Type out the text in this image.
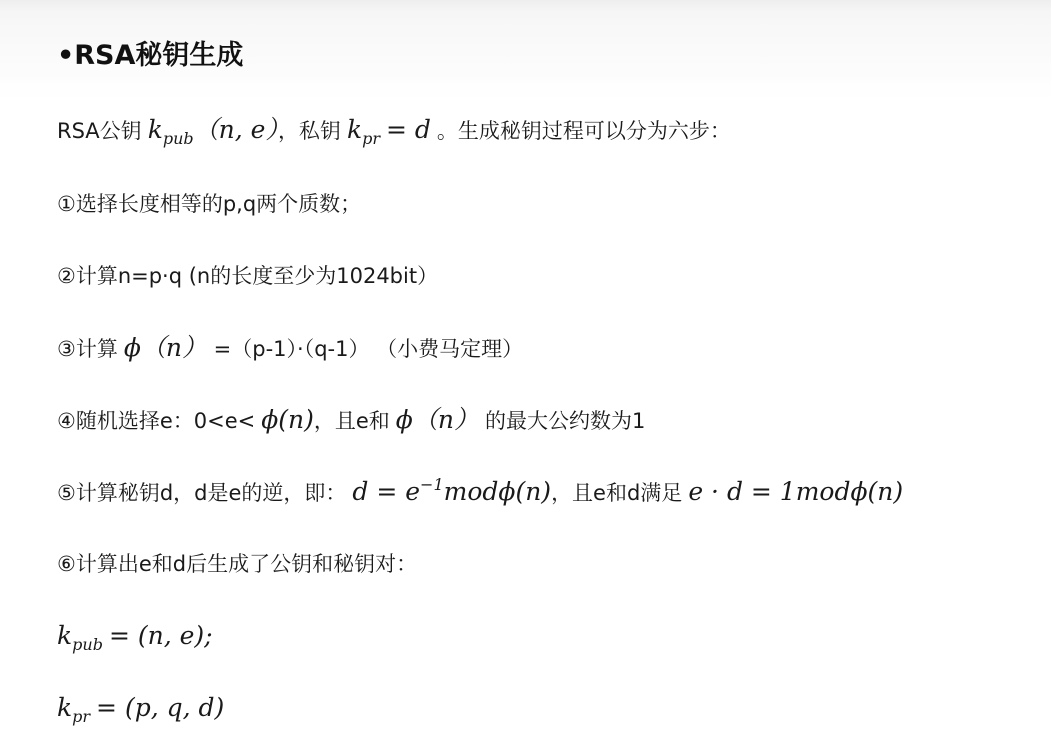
•RSA秘钥生成
RSA公钥 $k_{pub}(n$, e），私钥 $k_{pr} = d$ 。生成秘钥过程可以分为六步：
①选择长度相等的p,q两个质数；
②计算n=p·q (n的长度至少为1024bit）
③计算 ϕ（n） =（p-1）·（q-1） （小费马定理）
④随机选择e：0<e< ϕ(n)，且e和 ϕ（n） 的最大公约数为1
⑤计算秘钥d，d是e的逆，即： $d = e^{-1}mod\phi(n)$，且e和d满足 e · d = 1modϕ(n)
⑥计算出e和d后生成了公钥和秘钥对：
$k_{pub} = (n$, e);
$k_{pr} = (p$, q, d)
